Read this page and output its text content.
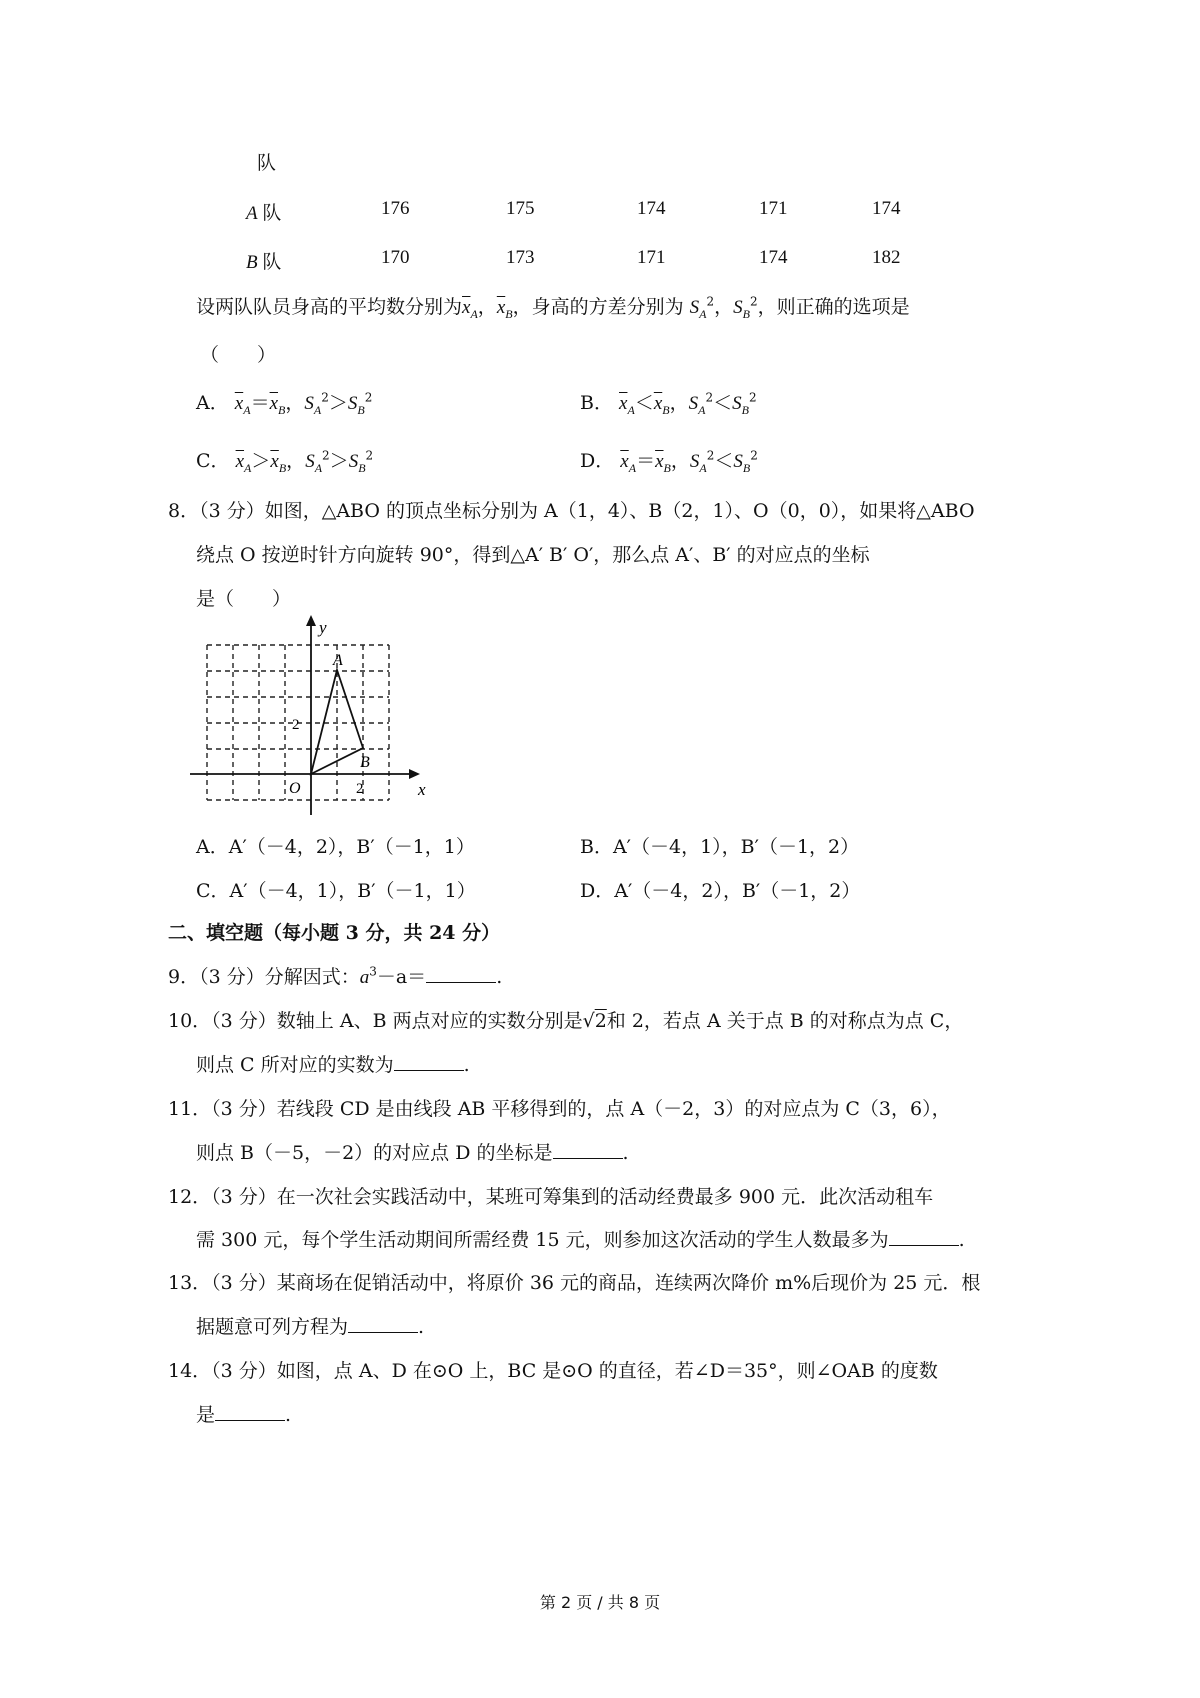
队
A 队	176	175	174	171	174
B 队	170	173	171	174	182
设两队队员身高的平均数分别为$\overline{x}_A$，$\overline{x}_B$，身高的方差分别为 $S_A^2$，$S_B^2$，则正确的选项是
（　　）
A． $\overline{x}_A=\overline{x}_B$，$S_A^2>S_B^2$	B． $\overline{x}_A<\overline{x}_B$，$S_A^2<S_B^2$
C． $\overline{x}_A>\overline{x}_B$，$S_A^2>S_B^2$	D． $\overline{x}_A=\overline{x}_B$，$S_A^2<S_B^2$
8．（3 分）如图，△ABO 的顶点坐标分别为 A（1，4）、B（2，1）、O（0，0），如果将△ABO
绕点 O 按逆时针方向旋转 90°，得到△A′ B′ O′，那么点 A′、B′ 的对应点的坐标
是（　　）
y
x
A
B
O
2
2
A．A′（－4，2），B′（－1，1）	B．A′（－4，1），B′（－1，2）
C．A′（－4，1），B′（－1，1）	D．A′（－4，2），B′（－1，2）
二、填空题（每小题 3 分，共 24 分）
9．（3 分）分解因式：$a^3-a=$	.
10．（3 分）数轴上 A、B 两点对应的实数分别是√2和 2，若点 A 关于点 B 的对称点为点 C，
则点 C 所对应的实数为	.
11．（3 分）若线段 CD 是由线段 AB 平移得到的，点 A（－2，3）的对应点为 C（3，6），
则点 B（－5，－2）的对应点 D 的坐标是	.
12．（3 分）在一次社会实践活动中，某班可筹集到的活动经费最多 900 元．此次活动租车
需 300 元，每个学生活动期间所需经费 15 元，则参加这次活动的学生人数最多为	.
13．（3 分）某商场在促销活动中，将原价 36 元的商品，连续两次降价 m%后现价为 25 元．根
据题意可列方程为	.
14．（3 分）如图，点 A、D 在⊙O 上，BC 是⊙O 的直径，若∠D＝35°，则∠OAB 的度数
是	.
第 2 页 / 共 8 页
